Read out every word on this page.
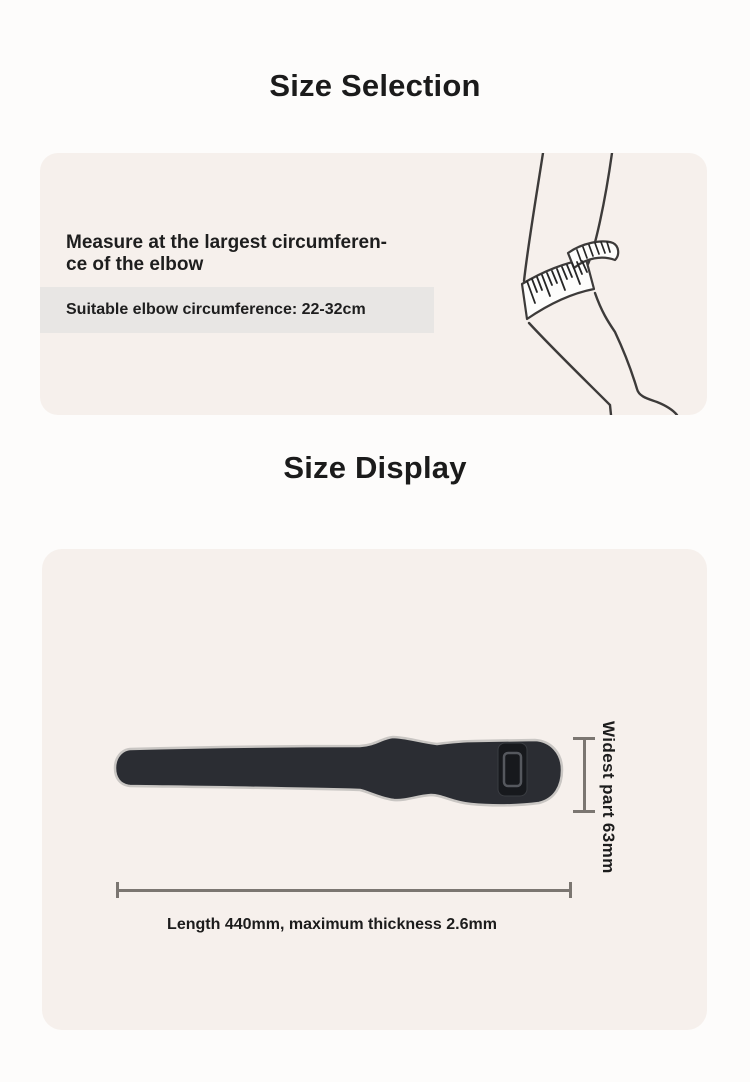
Size Selection
Measure at the largest circumferen-
ce of the elbow
Suitable elbow circumference: 22-32cm
Size Display
Widest part 63mm
Length 440mm, maximum thickness 2.6mm
